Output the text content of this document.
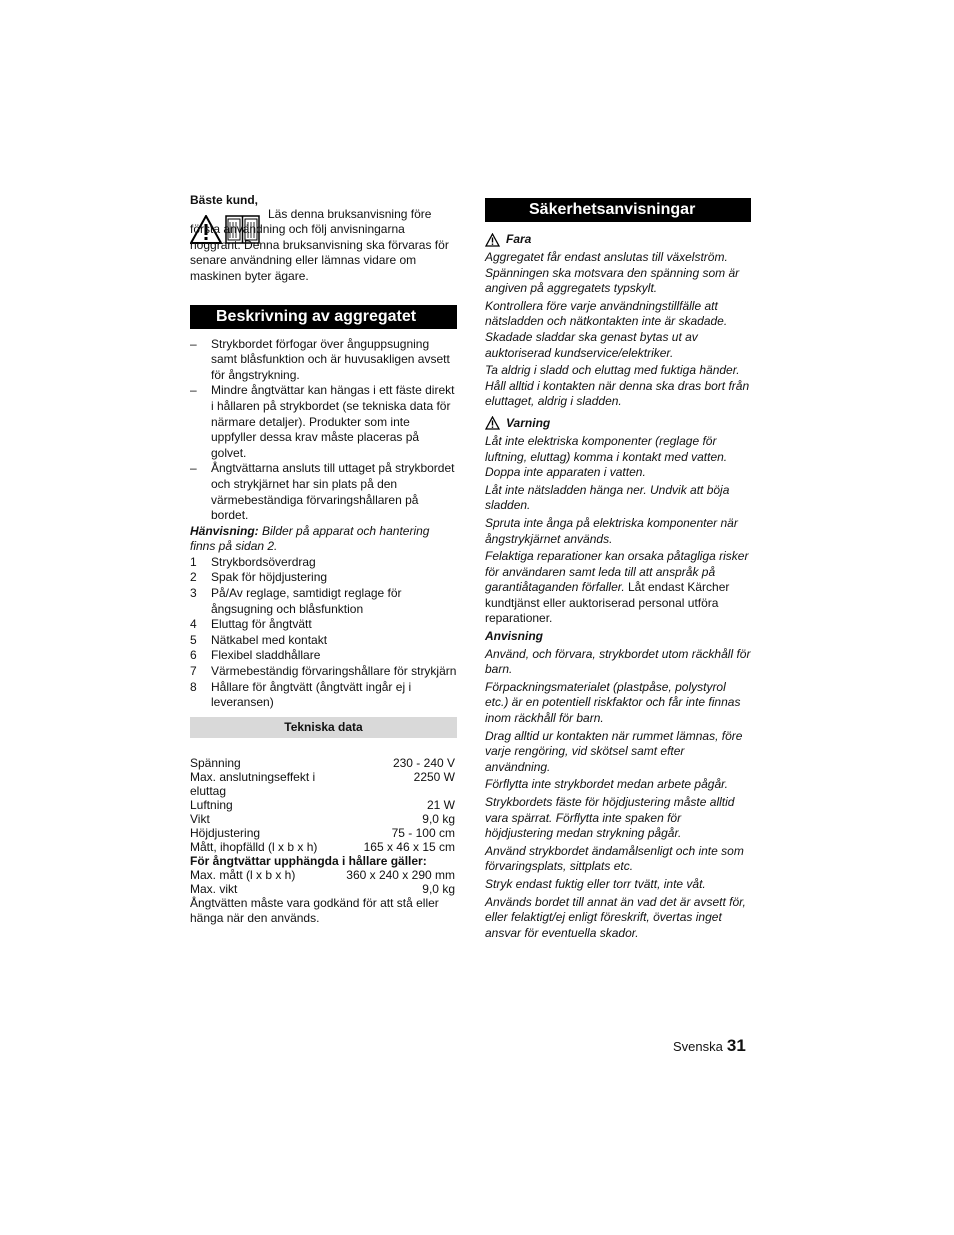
Bäste kund,

Läs denna bruksanvisning före första användning och följ anvisningarna noggrant. Denna bruksanvisning ska förvaras för senare användning eller lämnas vidare om maskinen byter ägare.

Beskrivning av aggregatet
– Strykbordet förfogar över ånguppsugning samt blåsfunktion och är huvusakligen avsett för ångstrykning.
– Mindre ångtvättar kan hängas i ett fäste direkt i hållaren på strykbordet (se tekniska data för närmare detaljer). Produkter som inte uppfyller dessa krav måste placeras på golvet.
– Ångtvättarna ansluts till uttaget på strykbordet och strykjärnet har sin plats på den värmebeständiga förvaringshållaren på bordet.

Hänvisning: Bilder på apparat och hantering finns på sidan 2.

1 Strykbordsöverdrag
2 Spak för höjdjustering
3 På/Av reglage, samtidigt reglage för ångsugning och blåsfunktion
4 Eluttag för ångtvätt
5 Nätkabel med kontakt
6 Flexibel sladdhållare
7 Värmebeständig förvaringshållare för strykjärn
8 Hållare för ångtvätt (ångtvätt ingår ej i leveransen)
Tekniska data
Spänning	230 - 240 V
Max. anslutningseffekt i eluttag
2250 W
Luftning	21 W
Vikt	9,0 kg
Höjdjustering	75 - 100 cm
Mått, ihopfälld (l x b x h)	165 x 46 x 15 cm
För ångtvättar upphängda i hållare gäller:
Max. mått (l x b x h)	360 x 240 x 290 mm
Max. vikt	9,0 kg
Ångtvätten måste vara godkänd för att stå eller hänga när den används.
Säkerhetsanvisningar
Fara

Aggregatet får endast anslutas till växelström. Spänningen ska motsvara den spänning som är angiven på aggregatets typskylt.

Kontrollera före varje användningstillfälle att nätsladden och nätkontakten inte är skadade. Skadade sladdar ska genast bytas ut av auktoriserad kundservice/elektriker.

Ta aldrig i sladd och eluttag med fuktiga händer. Håll alltid i kontakten när denna ska dras bort från eluttaget, aldrig i sladden.

Varning

Låt inte elektriska komponenter (reglage för luftning, eluttag) komma i kontakt med vatten. Doppa inte apparaten i vatten.

Låt inte nätsladden hänga ner. Undvik att böja sladden.

Spruta inte ånga på elektriska komponenter när ångstrykjärnet används.

Felaktiga reparationer kan orsaka påtagliga risker för användaren samt leda till att anspråk på garantiåtaganden förfaller. Låt endast Kärcher kundtjänst eller auktoriserad personal utföra reparationer.

Anvisning

Använd, och förvara, strykbordet utom räckhåll för barn.

Förpackningsmaterialet (plastpåse, polystyrol etc.) är en potentiell riskfaktor och får inte finnas inom räckhåll för barn.

Drag alltid ur kontakten när rummet lämnas, före varje rengöring, vid skötsel samt efter användning.

Förflytta inte strykbordet medan arbete pågår.

Strykbordets fäste för höjdjustering måste alltid vara spärrat. Förflytta inte spaken för höjdjustering medan strykning pågår.

Använd strykbordet ändamålsenligt och inte som förvaringsplats, sittplats etc.

Stryk endast fuktig eller torr tvätt, inte våt.

Används bordet till annat än vad det är avsett för, eller felaktigt/ej enligt föreskrift, övertas inget ansvar för eventuella skador.

Svenska 31
